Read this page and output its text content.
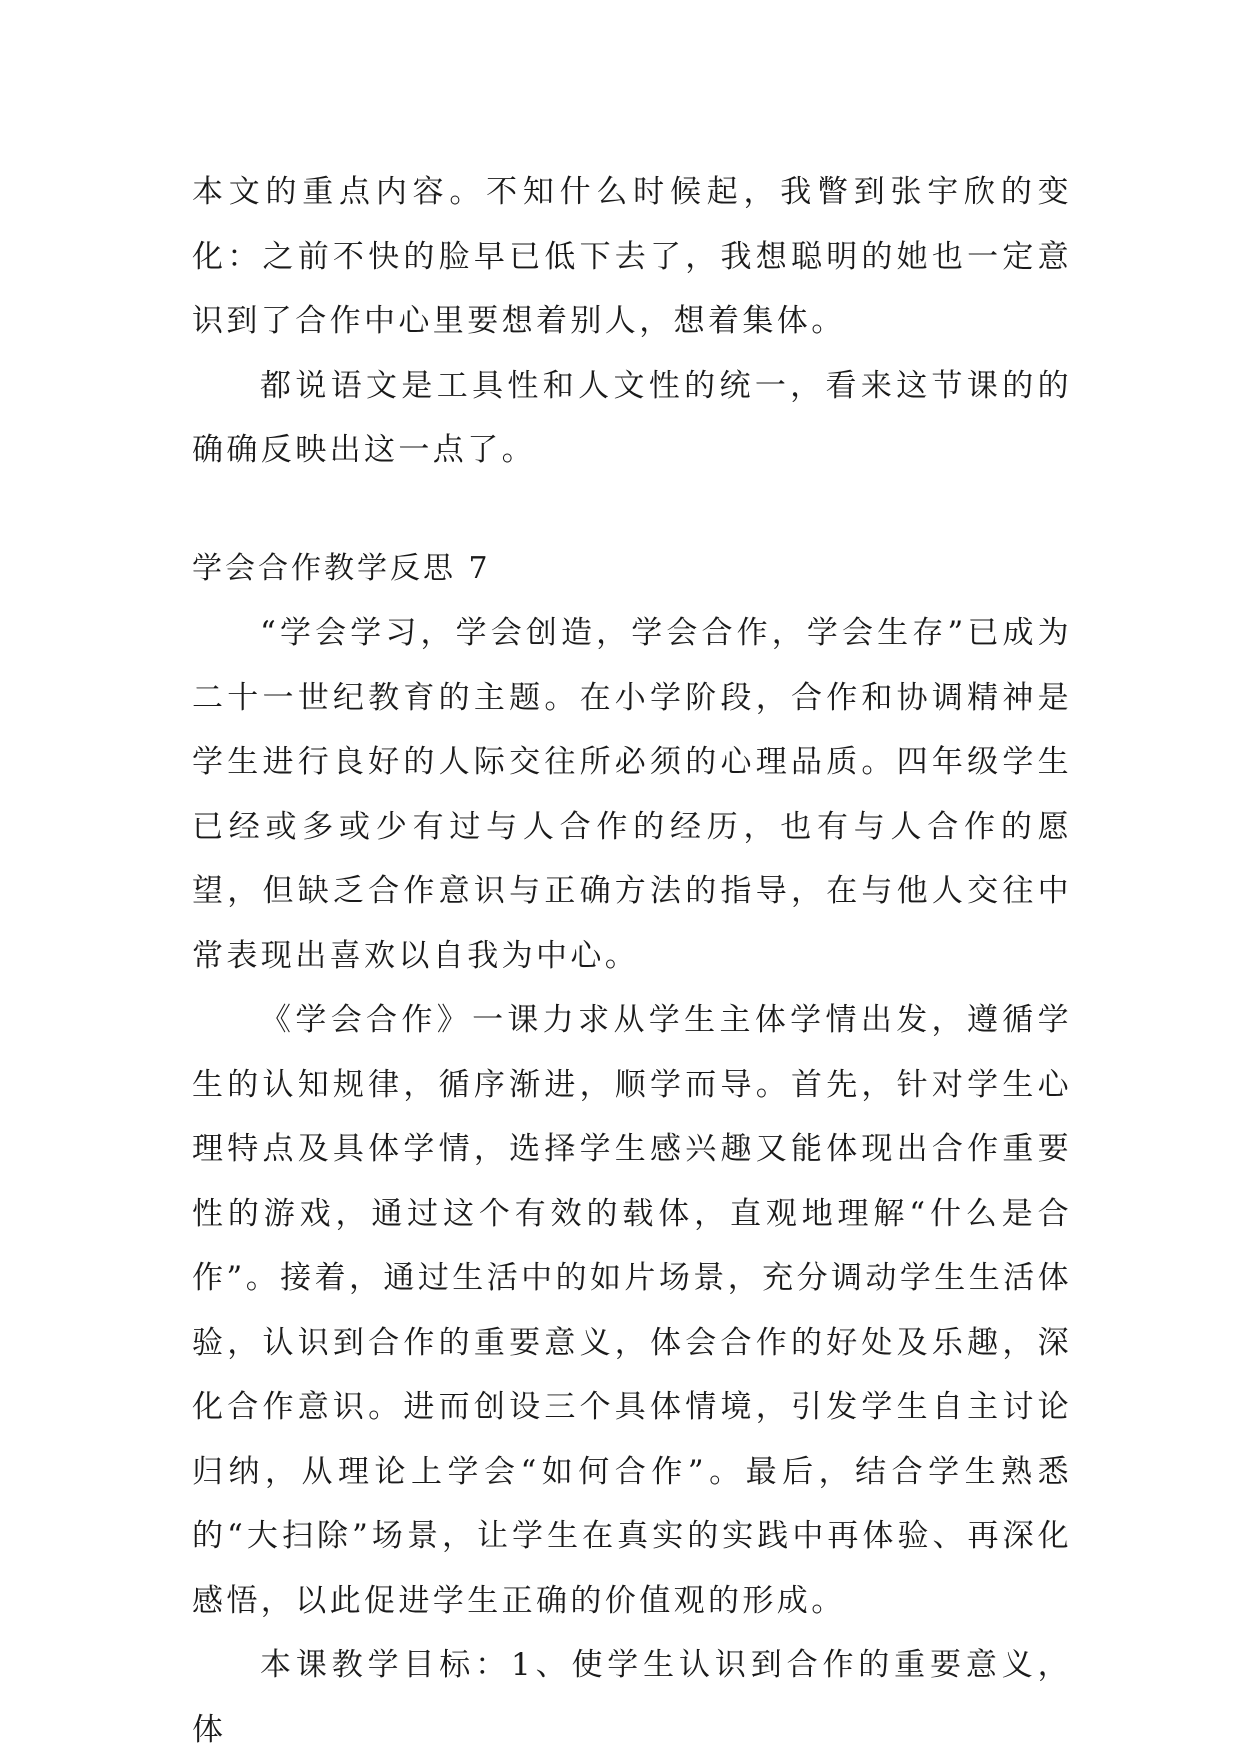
本文的重点内容。不知什么时候起，我瞥到张宇欣的变化：之前不快的脸早已低下去了，我想聪明的她也一定意识到了合作中心里要想着别人，想着集体。

都说语文是工具性和人文性的统一，看来这节课的的确确反映出这一点了。

学会合作教学反思 7

“学会学习，学会创造，学会合作，学会生存”已成为二十一世纪教育的主题。在小学阶段，合作和协调精神是学生进行良好的人际交往所必须的心理品质。四年级学生已经或多或少有过与人合作的经历，也有与人合作的愿望，但缺乏合作意识与正确方法的指导，在与他人交往中常表现出喜欢以自我为中心。

《学会合作》一课力求从学生主体学情出发，遵循学生的认知规律，循序渐进，顺学而导。首先，针对学生心理特点及具体学情，选择学生感兴趣又能体现出合作重要性的游戏，通过这个有效的载体，直观地理解“什么是合作”。接着，通过生活中的如片场景，充分调动学生生活体验，认识到合作的重要意义，体会合作的好处及乐趣，深化合作意识。进而创设三个具体情境，引发学生自主讨论归纳，从理论上学会“如何合作”。最后，结合学生熟悉的“大扫除”场景，让学生在真实的实践中再体验、再深化感悟，以此促进学生正确的价值观的形成。

本课教学目标：1、使学生认识到合作的重要意义，体
